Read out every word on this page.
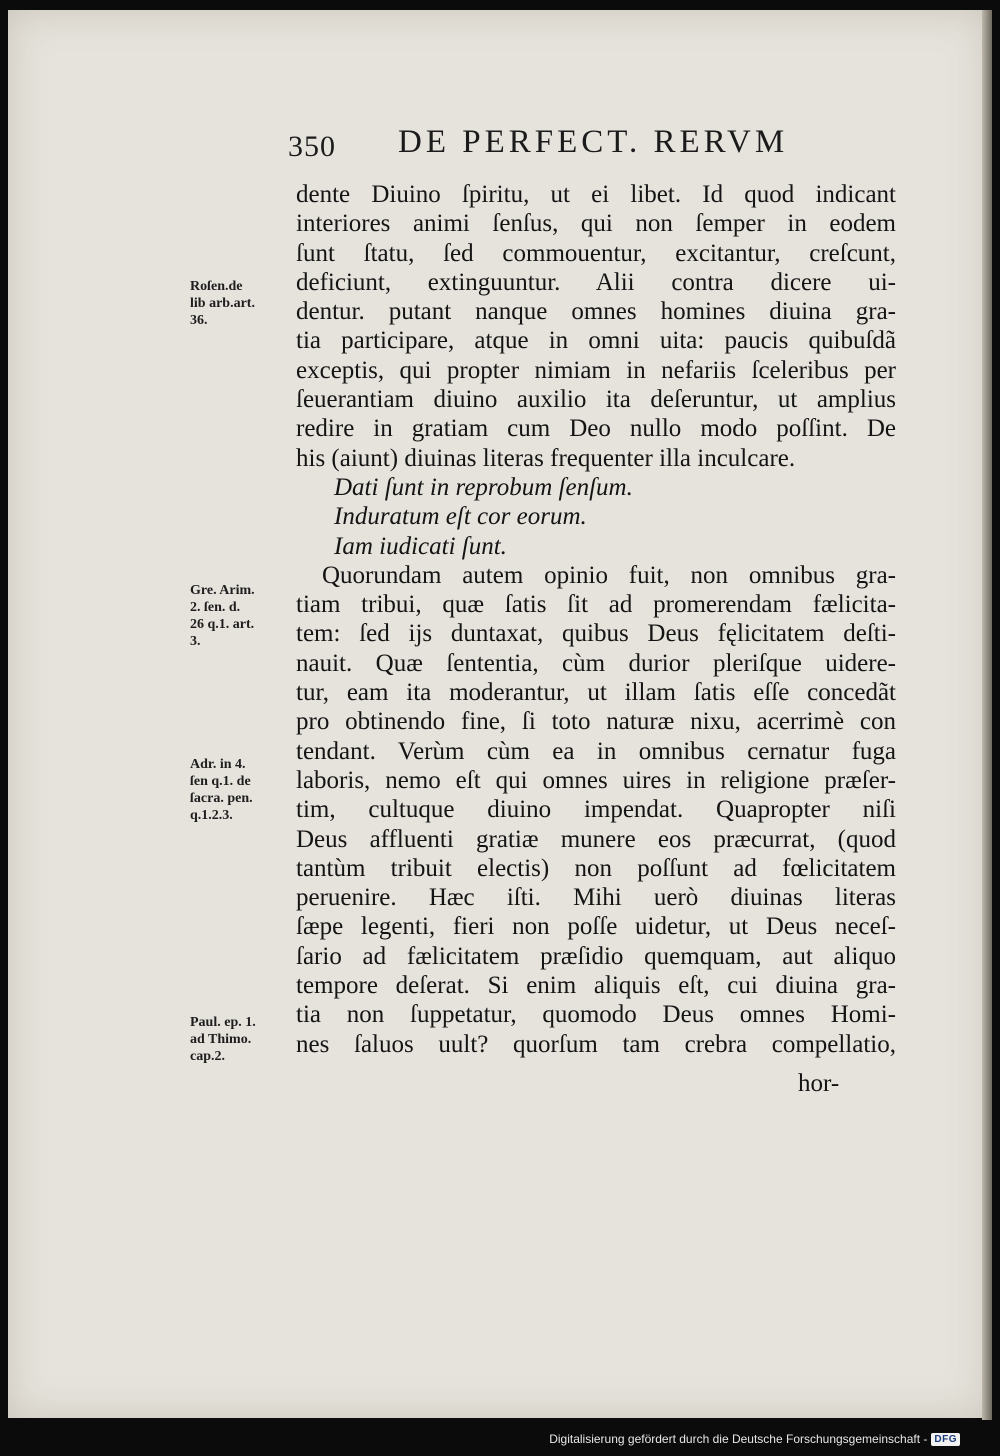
350 DE PERFECT. RERVM
dente Diuino ſpiritu, ut ei libet. Id quod indicant
interiores animi ſenſus, qui non ſemper in eodem
ſunt ſtatu, ſed commouentur, excitantur, creſcunt,
deficiunt, extinguuntur. Alii contra dicere ui-
dentur. putant nanque omnes homines diuina gra-
tia participare, atque in omni uita: paucis quibuſdã
exceptis, qui propter nimiam in nefariis ſceleribus per
ſeuerantiam diuino auxilio ita deſeruntur, ut amplius
redire in gratiam cum Deo nullo modo poſſint. De
his (aiunt) diuinas literas frequenter illa inculcare.
Dati ſunt in reprobum ſenſum.
Induratum eſt cor eorum.
Iam iudicati ſunt.
Quorundam autem opinio fuit, non omnibus gra-
tiam tribui, quæ ſatis ſit ad promerendam fælicita-
tem: ſed ijs duntaxat, quibus Deus fęlicitatem deſti-
nauit. Quæ ſententia, cùm durior pleriſque uidere-
tur, eam ita moderantur, ut illam ſatis eſſe concedãt
pro obtinendo fine, ſi toto naturæ nixu, acerrimè con
tendant. Verùm cùm ea in omnibus cernatur fuga
laboris, nemo eſt qui omnes uires in religione præſer-
tim, cultuque diuino impendat. Quapropter niſi
Deus affluenti gratiæ munere eos præcurrat, (quod
tantùm tribuit electis) non poſſunt ad fœlicitatem
peruenire. Hæc iſti. Mihi uerò diuinas literas
ſæpe legenti, fieri non poſſe uidetur, ut Deus neceſ-
ſario ad fælicitatem præſidio quemquam, aut aliquo
tempore deſerat. Si enim aliquis eſt, cui diuina gra-
tia non ſuppetatur, quomodo Deus omnes Homi-
nes ſaluos uult? quorſum tam crebra compellatio,
Roſen.de
lib arb.art.
36.
Gre. Arim.
2. ſen. d.
26 q.1. art.
3.
Adr. in 4.
ſen q.1. de
ſacra. pen.
q.1.2.3.
Paul. ep. 1.
ad Thimo.
cap.2.
hor-
Digitalisierung gefördert durch die Deutsche Forschungsgemeinschaft - DFG
